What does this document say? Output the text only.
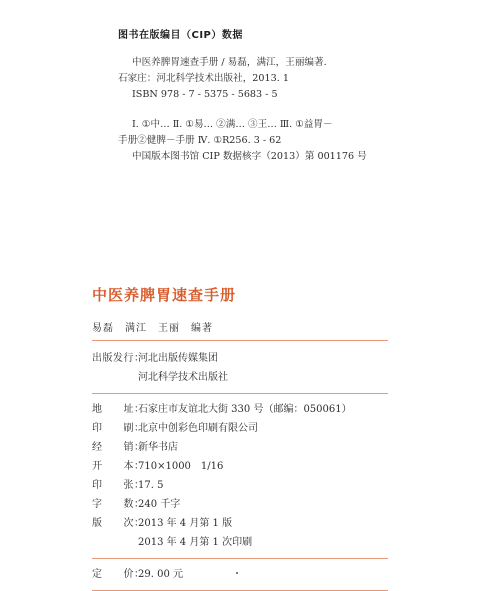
图书在版编目（CIP）数据
中医养脾胃速查手册 / 易磊，满江，王丽编著.
石家庄：河北科学技术出版社，2013. 1
ISBN 978 - 7 - 5375 - 5683 - 5
Ⅰ. ①中… Ⅱ. ①易… ②满… ③王… Ⅲ. ①益胃－
手册②健脾－手册 Ⅳ. ①R256. 3 - 62
中国版本图书馆 CIP 数据核字（2013）第 001176 号
中医养脾胃速查手册
易磊　满江　王丽　编著
出版发行：
河北出版传媒集团
河北科学技术出版社
地　　址：
石家庄市友谊北大街 330 号（邮编：050061）
印　　刷：
北京中创彩色印刷有限公司
经　　销：
新华书店
开　　本：
710×1000　1/16
印　　张：
17. 5
字　　数：
240 千字
版　　次：
2013 年 4 月第 1 版
2013 年 4 月第 1 次印刷
定　　价：
29. 00 元
